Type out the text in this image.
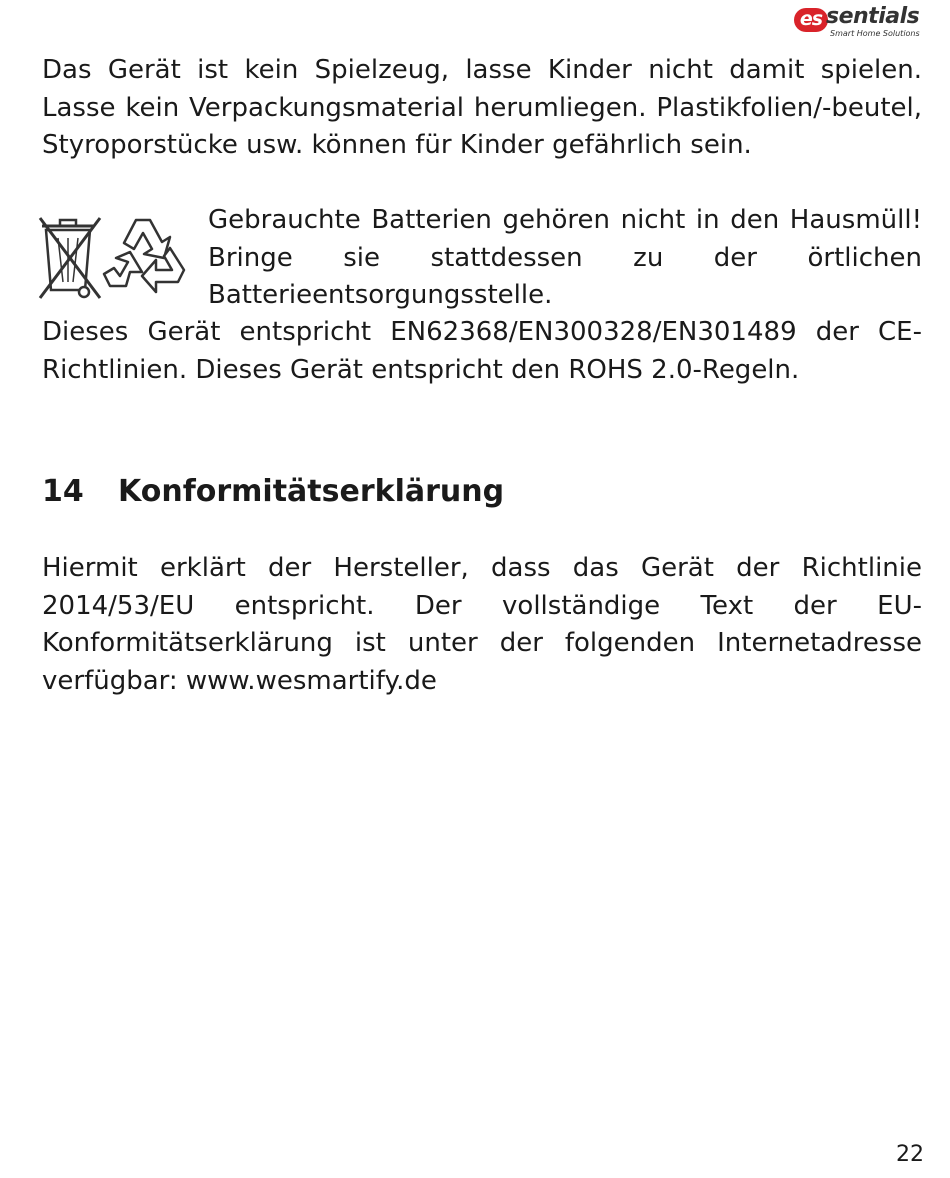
es sentials
Smart Home Solutions

Das Gerät ist kein Spielzeug, lasse Kinder nicht damit spielen. Lasse kein Verpackungsmaterial herumliegen. Plastikfolien/-beutel, Styroporstücke usw. können für Kinder gefährlich sein.

Gebrauchte Batterien gehören nicht in den Hausmüll! Bringe sie stattdessen zu der örtlichen Batterieentsorgungsstelle.

Dieses Gerät entspricht EN62368/EN300328/EN301489 der CE-Richtlinien. Dieses Gerät entspricht den ROHS 2.0-Regeln.

14 Konformitätserklärung

Hiermit erklärt der Hersteller, dass das Gerät der Richtlinie 2014/53/EU entspricht. Der vollständige Text der EU-Konformitätserklärung ist unter der folgenden Internetadresse verfügbar: www.wesmartify.de

22
